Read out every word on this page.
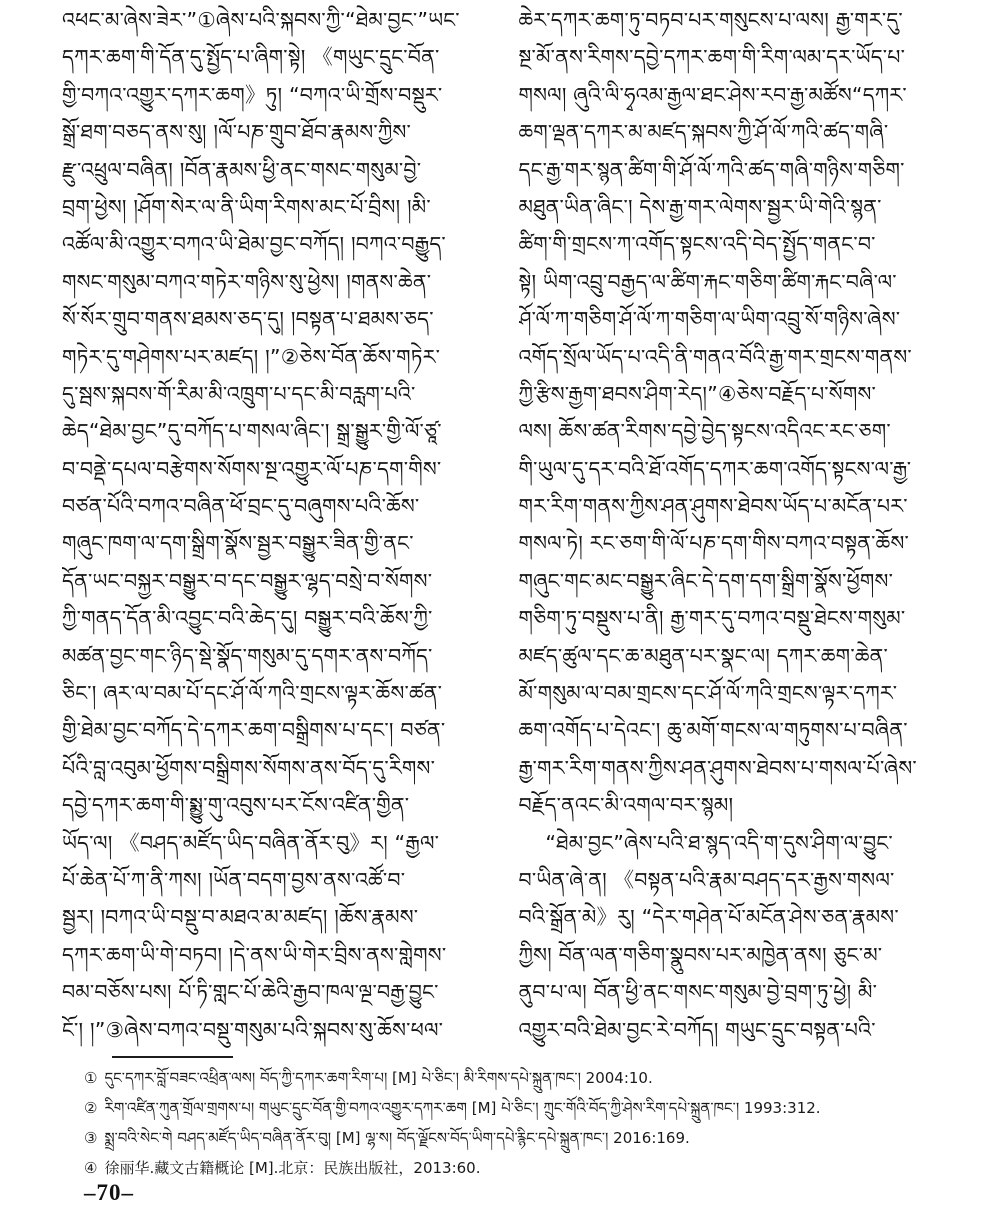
འཕང་མ་ཞེས་ཟེར་”①ཞེས་པའི་སྐབས་ཀྱི་“ཐེམ་བྱང་”ཡང་
དཀར་ཆག་གི་དོན་དུ་སྤྱོད་པ་ཞིག་སྟེ། 《གཡུང་དྲུང་བོན་
གྱི་བཀའ་འགྱུར་དཀར་ཆག》ཏུ། “བཀའ་ཡི་གྲོས་བསྡུར་
སྒྲོ་ཐག་བཅད་ནས་སུ། །ལོ་པཎ་གྲུབ་ཐོབ་རྣམས་ཀྱིས་
རྫུ་འཕྲུལ་བཞིན། །བོན་རྣམས་ཕྱི་ནང་གསང་གསུམ་བྱེ་
བྲག་ཕྱེས། །ཤོག་སེར་ལ་ནི་ཡིག་རིགས་མང་པོ་བྲིས། །མི་
འཚོལ་མི་འགྱུར་བཀའ་ཡི་ཐེམ་བྱང་བཀོད། །བཀའ་བརྒྱུད་
གསང་གསུམ་བཀའ་གཏེར་གཉིས་སུ་ཕྱེས། །གནས་ཆེན་
སོ་སོར་གྲུབ་གནས་ཐམས་ཅད་དུ། །བསྟན་པ་ཐམས་ཅད་
གཏེར་དུ་གཤེགས་པར་མཛད། །”②ཅེས་བོན་ཆོས་གཏེར་
དུ་སྦས་སྐབས་གོ་རིམ་མི་འཁྲུག་པ་དང་མི་བརླག་པའི་
ཆེད“ཐེམ་བྱང”དུ་བཀོད་པ་གསལ་ཞིང་། སྒྲ་སྒྱུར་གྱི་ལོ་ཙཱ་
བ་བནྡེ་དཔལ་བརྩེགས་སོགས་སྔ་འགྱུར་ལོ་པཎ་དག་གིས་
བཙན་པོའི་བཀའ་བཞིན་ཕོ་བྲང་དུ་བཞུགས་པའི་ཆོས་
གཞུང་ཁག་ལ་དག་སྒྲིག་སྣོས་སྦྱར་བསྒྱུར་ཟིན་གྱི་ནང་
དོན་ཡང་བསྐྱར་བསྒྱུར་བ་དང་བསྒྱུར་ལྷད་བསྲེ་བ་སོགས་
ཀྱི་གནད་དོན་མི་འབྱུང་བའི་ཆེད་དུ། བསྒྱུར་བའི་ཆོས་ཀྱི་
མཚན་བྱང་གང་ཉིད་སྡེ་སྣོད་གསུམ་དུ་དགར་ནས་བཀོད་
ཅིང་། ཞར་ལ་བམ་པོ་དང་ཤོ་ལོ་ཀའི་གྲངས་ལྟར་ཆོས་ཚན་
གྱི་ཐེམ་བྱང་བཀོད་དེ་དཀར་ཆག་བསྒྲིགས་པ་དང་། བཙན་
པོའི་བླ་འབུམ་ཕྱོགས་བསྒྲིགས་སོགས་ནས་བོད་དུ་རིགས་
དབྱེ་དཀར་ཆག་གི་སྨྱུ་གུ་འབུས་པར་ངོས་འཛིན་གྱིན་
ཡོད་ལ། 《བཤད་མཛོད་ཡིད་བཞིན་ནོར་བུ》ར། “རྒྱལ་
པོ་ཆེན་པོ་ཀ་ནི་ཀས། །ཡོན་བདག་བྱས་ནས་འཚོ་བ་
སྦྱར། །བཀའ་ཡི་བསྡུ་བ་མཐའ་མ་མཛད། །ཆོས་རྣམས་
དཀར་ཆག་ཡི་གེ་བཏབ། །དེ་ནས་ཡི་གེར་བྲིས་ནས་གླེགས་
བམ་བཅོས་པས། པོ་ཏི་གླང་པོ་ཆེའི་རྒྱབ་ཁལ་ལྔ་བརྒྱ་བྱུང་
ངོ་། །”③ཞེས་བཀའ་བསྡུ་གསུམ་པའི་སྐབས་སུ་ཆོས་ཕལ་
ཆེར་དཀར་ཆག་ཏུ་བཏབ་པར་གསུངས་པ་ལས། རྒྱ་གར་དུ་
སྔ་མོ་ནས་རིགས་དབྱེ་དཀར་ཆག་གི་རིག་ལམ་དར་ཡོད་པ་
གསལ། ཞུའི་ལི་ཧྭའམ་རྒྱལ་ཐང་ཤེས་རབ་རྒྱ་མཚོས“དཀར་
ཆག་ལྡན་དཀར་མ་མཛད་སྐབས་ཀྱི་ཤོ་ལོ་ཀའི་ཚད་གཞི་
དང་རྒྱ་གར་སྙན་ཚིག་གི་ཤོ་ལོ་ཀའི་ཚད་གཞི་གཉིས་གཅིག་
མཐུན་ཡིན་ཞིང་། དེས་རྒྱ་གར་ལེགས་སྦྱར་ཡི་གེའི་སྙན་
ཚིག་གི་གྲངས་ཀ་འགོད་སྟངས་འདི་བེད་སྤྱོད་གནང་བ་
སྟེ། ཡིག་འབྲུ་བརྒྱད་ལ་ཚིག་རྐང་གཅིག་ཚིག་རྐང་བཞི་ལ་
ཤོ་ལོ་ཀ་གཅིག་ཤོ་ལོ་ཀ་གཅིག་ལ་ཡིག་འབྲུ་སོ་གཉིས་ཞེས་
འགོད་སྲོལ་ཡོད་པ་འདི་ནི་གནའ་བོའི་རྒྱ་གར་གྲངས་གནས་
ཀྱི་རྩིས་རྒྱག་ཐབས་ཤིག་རེད།”④ཅེས་བརྗོད་པ་སོགས་
ལས། ཆོས་ཚན་རིགས་དབྱེ་བྱེད་སྟངས་འདིའང་རང་ཅག་
གི་ཡུལ་དུ་དར་བའི་ཐོ་འགོད་དཀར་ཆག་འགོད་སྟངས་ལ་རྒྱ་
གར་རིག་གནས་ཀྱིས་ཤན་ཤུགས་ཐེབས་ཡོད་པ་མངོན་པར་
གསལ་ཏེ། རང་ཅག་གི་ལོ་པཎ་དག་གིས་བཀའ་བསྟན་ཆོས་
གཞུང་གང་མང་བསྒྱུར་ཞིང་དེ་དག་དག་སྒྲིག་སྣོས་ཕྱོགས་
གཅིག་ཏུ་བསྡུས་པ་ནི། རྒྱ་གར་དུ་བཀའ་བསྡུ་ཐེངས་གསུམ་
མཛད་ཚུལ་དང་ཆ་མཐུན་པར་སྣང་ལ། དཀར་ཆག་ཆེན་
མོ་གསུམ་ལ་བམ་གྲངས་དང་ཤོ་ལོ་ཀའི་གྲངས་ལྟར་དཀར་
ཆག་འགོད་པ་དེའང་། ཆུ་མགོ་གངས་ལ་གཏུགས་པ་བཞིན་
རྒྱ་གར་རིག་གནས་ཀྱིས་ཤན་ཤུགས་ཐེབས་པ་གསལ་པོ་ཞེས་
བརྗོད་ནའང་མི་འགལ་བར་སྙམ།
“ཐེམ་བྱང”ཞེས་པའི་ཐ་སྙད་འདི་ག་དུས་ཤིག་ལ་བྱུང་
བ་ཡིན་ཞེ་ན། 《བསྟན་པའི་རྣམ་བཤད་དར་རྒྱས་གསལ་
བའི་སྒྲོན་མེ》རུ། “དེར་གཤེན་པོ་མངོན་ཤེས་ཅན་རྣམས་
ཀྱིས། བོན་ལན་གཅིག་སྣུབས་པར་མཁྱེན་ནས། ཅུང་མ་
ནུབ་པ་ལ། བོན་ཕྱི་ནང་གསང་གསུམ་བྱེ་བྲག་ཏུ་ཕྱེ། མི་
འགྱུར་བའི་ཐེམ་བྱང་རེ་བཀོད། གཡུང་དྲུང་བསྟན་པའི་
① དུང་དཀར་བློ་བཟང་འཕྲིན་ལས། བོད་ཀྱི་དཀར་ཆག་རིག་པ། [M] པེ་ཅིང་། མི་རིགས་དཔེ་སྐྲུན་ཁང་། 2004:10.
② རིག་འཛིན་ཀུན་གྲོལ་གྲགས་པ། གཡུང་དྲུང་བོན་གྱི་བཀའ་འགྱུར་དཀར་ཆག [M] པེ་ཅིང་། ཀྲུང་གོའི་བོད་ཀྱི་ཤེས་རིག་དཔེ་སྐྲུན་ཁང་། 1993:312.
③ སྨྲ་བའི་སེང་གེ བཤད་མཛོད་ཡིད་བཞིན་ནོར་བུ། [M] ལྷ་ས། བོད་ལྗོངས་བོད་ཡིག་དཔེ་རྙིང་དཔེ་སྐྲུན་ཁང་། 2016:169.
④ 徐丽华.藏文古籍概论 [M].北京：民族出版社，2013:60.
–70–
